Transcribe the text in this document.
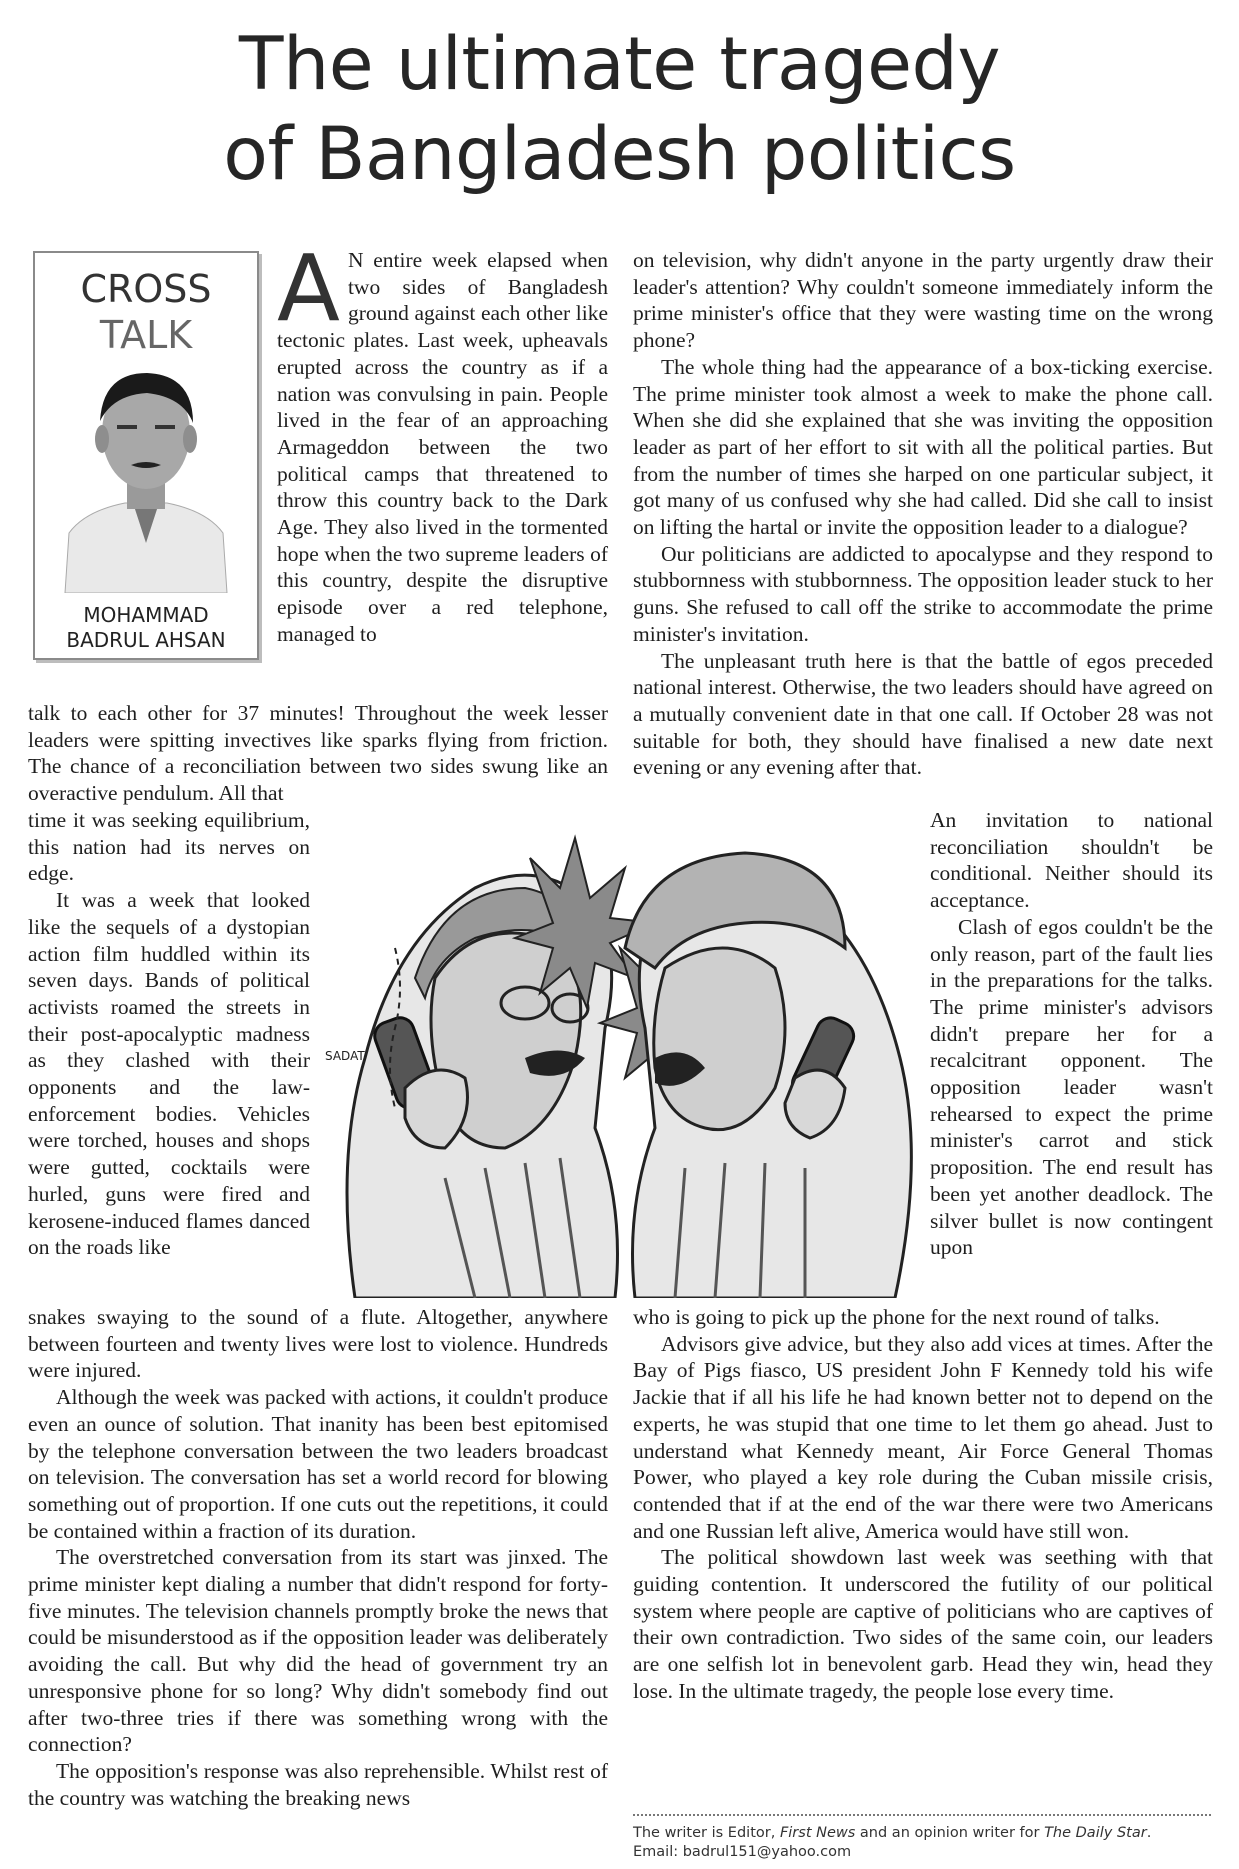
The ultimate tragedy
of Bangladesh politics
CROSS
TALK
MOHAMMAD
BADRUL AHSAN

A N entire week elapsed when two sides of Bangladesh ground against each other like tectonic plates. Last week, upheavals erupted across the country as if a nation was convulsing in pain. People lived in the fear of an approaching Armageddon between the two political camps that threatened to throw this country back to the Dark Age. They also lived in the tormented hope when the two supreme leaders of this country, despite the disruptive episode over a red telephone, managed to

talk to each other for 37 minutes! Throughout the week lesser leaders were spitting invectives like sparks flying from friction. The chance of a reconciliation between two sides swung like an overactive pendulum. All that

time it was seeking equilibrium, this nation had its nerves on edge.

It was a week that looked like the sequels of a dystopian action film huddled within its seven days. Bands of political activists roamed the streets in their post-apocalyptic madness as they clashed with their opponents and the law-enforcement bodies. Vehicles were torched, houses and shops were gutted, cocktails were hurled, guns were fired and kerosene-induced flames danced on the roads like

snakes swaying to the sound of a flute. Altogether, anywhere between fourteen and twenty lives were lost to violence. Hundreds were injured.

Although the week was packed with actions, it couldn't produce even an ounce of solution. That inanity has been best epitomised by the telephone conversation between the two leaders broadcast on television. The conversation has set a world record for blowing something out of proportion. If one cuts out the repetitions, it could be contained within a fraction of its duration.

The overstretched conversation from its start was jinxed. The prime minister kept dialing a number that didn't respond for forty-five minutes. The television channels promptly broke the news that could be misunderstood as if the opposition leader was deliberately avoiding the call. But why did the head of government try an unresponsive phone for so long? Why didn't somebody find out after two-three tries if there was something wrong with the connection?

The opposition's response was also reprehensible. Whilst rest of the country was watching the breaking news

on television, why didn't anyone in the party urgently draw their leader's attention? Why couldn't someone immediately inform the prime minister's office that they were wasting time on the wrong phone?

The whole thing had the appearance of a box-ticking exercise. The prime minister took almost a week to make the phone call. When she did she explained that she was inviting the opposition leader as part of her effort to sit with all the political parties. But from the number of times she harped on one particular subject, it got many of us confused why she had called. Did she call to insist on lifting the hartal or invite the opposition leader to a dialogue?

Our politicians are addicted to apocalypse and they respond to stubbornness with stubbornness. The opposition leader stuck to her guns. She refused to call off the strike to accommodate the prime minister's invitation.

The unpleasant truth here is that the battle of egos preceded national interest. Otherwise, the two leaders should have agreed on a mutually convenient date in that one call. If October 28 was not suitable for both, they should have finalised a new date next evening or any evening after that.

An invitation to national reconciliation shouldn't be conditional. Neither should its acceptance.

Clash of egos couldn't be the only reason, part of the fault lies in the preparations for the talks. The prime minister's advisors didn't prepare her for a recalcitrant opponent. The opposition leader wasn't rehearsed to expect the prime minister's carrot and stick proposition. The end result has been yet another deadlock. The silver bullet is now contingent upon

who is going to pick up the phone for the next round of talks.

Advisors give advice, but they also add vices at times. After the Bay of Pigs fiasco, US president John F Kennedy told his wife Jackie that if all his life he had known better not to depend on the experts, he was stupid that one time to let them go ahead. Just to understand what Kennedy meant, Air Force General Thomas Power, who played a key role during the Cuban missile crisis, contended that if at the end of the war there were two Americans and one Russian left alive, America would have still won.

The political showdown last week was seething with that guiding contention. It underscored the futility of our political system where people are captive of politicians who are captives of their own contradiction. Two sides of the same coin, our leaders are one selfish lot in benevolent garb. Head they win, head they lose. In the ultimate tragedy, the people lose every time.

SADAT
The writer is Editor, First News and an opinion writer for The Daily Star.
Email: badrul151@yahoo.com
